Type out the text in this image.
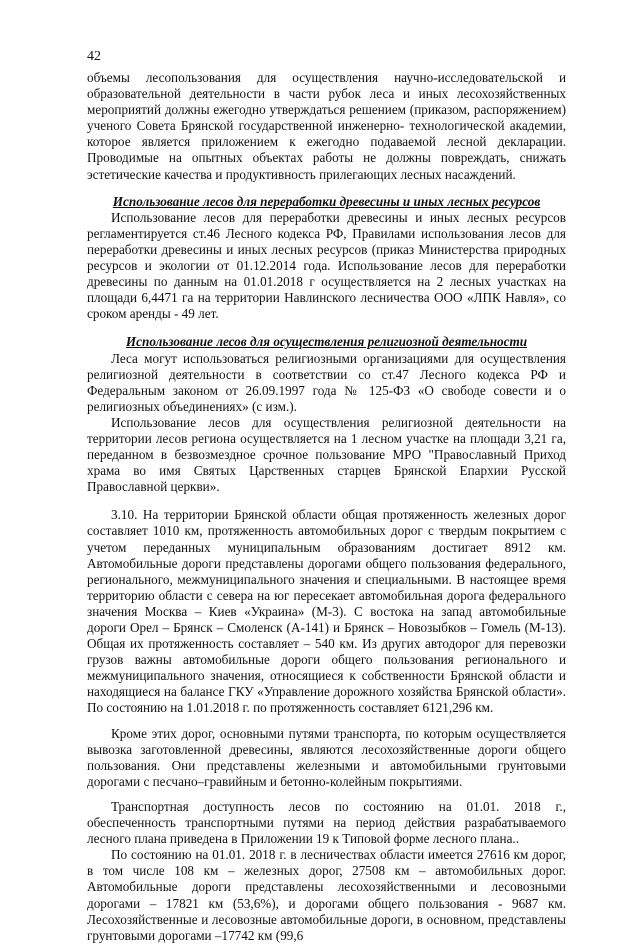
42

объемы лесопользования для осуществления научно-исследовательской и образовательной деятельности в части рубок леса и иных лесохозяйственных мероприятий должны ежегодно утверждаться решением (приказом, распоряжением) ученого Совета Брянской государственной инженерно- технологической академии, которое является приложением к ежегодно подаваемой лесной декларации. Проводимые на опытных объектах работы не должны повреждать, снижать эстетические качества и продуктивность прилегающих лесных насаждений.

Использование лесов для переработки древесины и иных лесных ресурсов

Использование лесов для переработки древесины и иных лесных ресурсов регламентируется ст.46 Лесного кодекса РФ, Правилами использования лесов для переработки древесины и иных лесных ресурсов (приказ Министерства природных ресурсов и экологии от 01.12.2014 года. Использование лесов для переработки древесины по данным на 01.01.2018 г осуществляется на 2 лесных участках на площади 6,4471 га на территории Навлинского лесничества ООО «ЛПК Навля», со сроком аренды - 49 лет.

Использование лесов для осуществления религиозной деятельности

Леса могут использоваться религиозными организациями для осуществления религиозной деятельности в соответствии со ст.47 Лесного кодекса РФ и Федеральным законом от 26.09.1997 года № 125-ФЗ «О свободе совести и о религиозных объединениях» (с изм.).

Использование лесов для осуществления религиозной деятельности на территории лесов региона осуществляется на 1 лесном участке на площади 3,21 га, переданном в безвозмездное срочное пользование МРО "Православный Приход храма во имя Святых Царственных старцев Брянской Епархии Русской Православной церкви».

3.10. На территории Брянской области общая протяженность железных дорог составляет 1010 км, протяженность автомобильных дорог с твердым покрытием с учетом переданных муниципальным образованиям достигает 8912 км. Автомобильные дороги представлены дорогами общего пользования федерального, регионального, межмуниципального значения и специальными. В настоящее время территорию области с севера на юг пересекает автомобильная дорога федерального значения Москва – Киев «Украина» (М-3). С востока на запад автомобильные дороги Орел – Брянск – Смоленск (А-141) и Брянск – Новозыбков – Гомель (М-13). Общая их протяженность составляет – 540 км. Из других автодорог для перевозки грузов важны автомобильные дороги общего пользования регионального и межмуниципального значения, относящиеся к собственности Брянской области и находящиеся на балансе ГКУ «Управление дорожного хозяйства Брянской области». По состоянию на 1.01.2018 г. по протяженность составляет 6121,296 км.

Кроме этих дорог, основными путями транспорта, по которым осуществляется вывозка заготовленной древесины, являются лесохозяйственные дороги общего пользования. Они представлены железными и автомобильными грунтовыми дорогами с песчано–гравийным и бетонно-колейным покрытиями.

Транспортная доступность лесов по состоянию на 01.01. 2018 г., обеспеченность транспортными путями на период действия разрабатываемого лесного плана приведена в Приложении 19 к Типовой форме лесного плана..

По состоянию на 01.01. 2018 г. в лесничествах области имеется 27616 км дорог, в том числе 108 км – железных дорог, 27508 км – автомобильных дорог. Автомобильные дороги представлены лесохозяйственными и лесовозными дорогами – 17821 км (53,6%), и дорогами общего пользования - 9687 км. Лесохозяйственные и лесовозные автомобильные дороги, в основном, представлены грунтовыми дорогами –17742 км (99,6
